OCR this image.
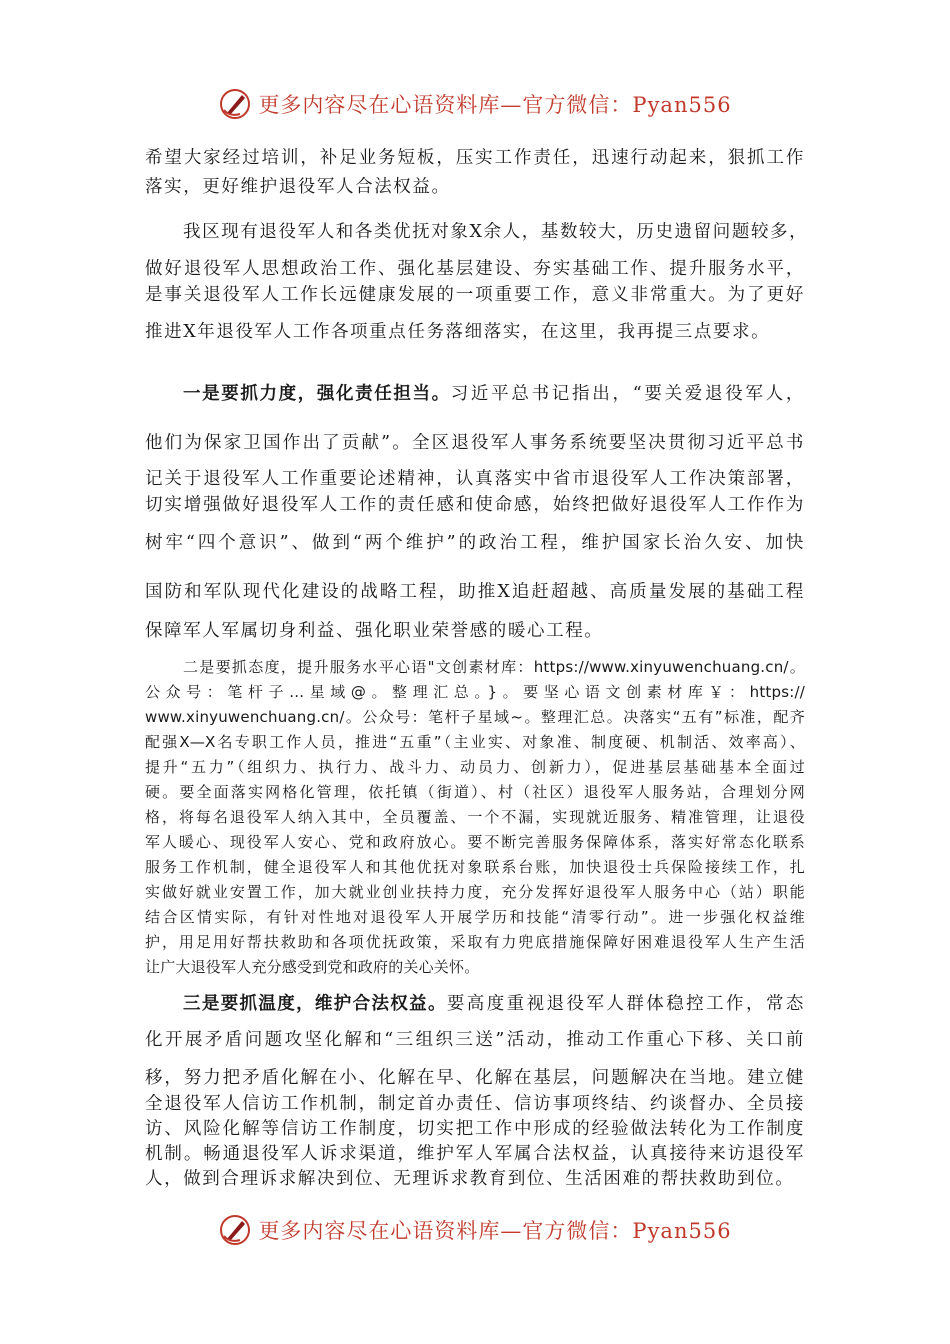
更多内容尽在心语资料库—官方微信：Pyan556
希望大家经过培训，补足业务短板，压实工作责任，迅速行动起来，狠抓工作
落实，更好维护退役军人合法权益。
我区现有退役军人和各类优抚对象X余人，基数较大，历史遗留问题较多，
做好退役军人思想政治工作、强化基层建设、夯实基础工作、提升服务水平，
是事关退役军人工作长远健康发展的一项重要工作，意义非常重大。为了更好
推进X年退役军人工作各项重点任务落细落实，在这里，我再提三点要求。
一是要抓力度，强化责任担当。习近平总书记指出，“要关爱退役军人，
他们为保家卫国作出了贡献”。全区退役军人事务系统要坚决贯彻习近平总书
记关于退役军人工作重要论述精神，认真落实中省市退役军人工作决策部署，
切实增强做好退役军人工作的责任感和使命感，始终把做好退役军人工作作为
树牢“四个意识”、做到“两个维护”的政治工程，维护国家长治久安、加快
国防和军队现代化建设的战略工程，助推X追赶超越、高质量发展的基础工程
保障军人军属切身利益、强化职业荣誉感的暖心工程。
二是要抓态度，提升服务水平心语"文创素材库：https://www.xinyuwenchuang.cn/。
公众号：笔杆子…星域@。整理汇总。}。要坚心语文创素材库￥：https://
www.xinyuwenchuang.cn/。公众号：笔杆子星域~。整理汇总。决落实“五有”标准，配齐
配强X—X名专职工作人员，推进“五重”（主业实、对象准、制度硬、机制活、效率高）、
提升“五力”（组织力、执行力、战斗力、动员力、创新力），促进基层基础基本全面过
硬。要全面落实网格化管理，依托镇（街道）、村（社区）退役军人服务站，合理划分网
格，将每名退役军人纳入其中，全员覆盖、一个不漏，实现就近服务、精准管理，让退役
军人暖心、现役军人安心、党和政府放心。要不断完善服务保障体系，落实好常态化联系
服务工作机制，健全退役军人和其他优抚对象联系台账，加快退役士兵保险接续工作，扎
实做好就业安置工作，加大就业创业扶持力度，充分发挥好退役军人服务中心（站）职能
结合区情实际，有针对性地对退役军人开展学历和技能“清零行动”。进一步强化权益维
护，用足用好帮扶救助和各项优抚政策，采取有力兜底措施保障好困难退役军人生产生活
让广大退役军人充分感受到党和政府的关心关怀。
三是要抓温度，维护合法权益。要高度重视退役军人群体稳控工作，常态
化开展矛盾问题攻坚化解和“三组织三送”活动，推动工作重心下移、关口前
移，努力把矛盾化解在小、化解在早、化解在基层，问题解决在当地。建立健
全退役军人信访工作机制，制定首办责任、信访事项终结、约谈督办、全员接
访、风险化解等信访工作制度，切实把工作中形成的经验做法转化为工作制度
机制。畅通退役军人诉求渠道，维护军人军属合法权益，认真接待来访退役军
人，做到合理诉求解决到位、无理诉求教育到位、生活困难的帮扶救助到位。
更多内容尽在心语资料库—官方微信：Pyan556
